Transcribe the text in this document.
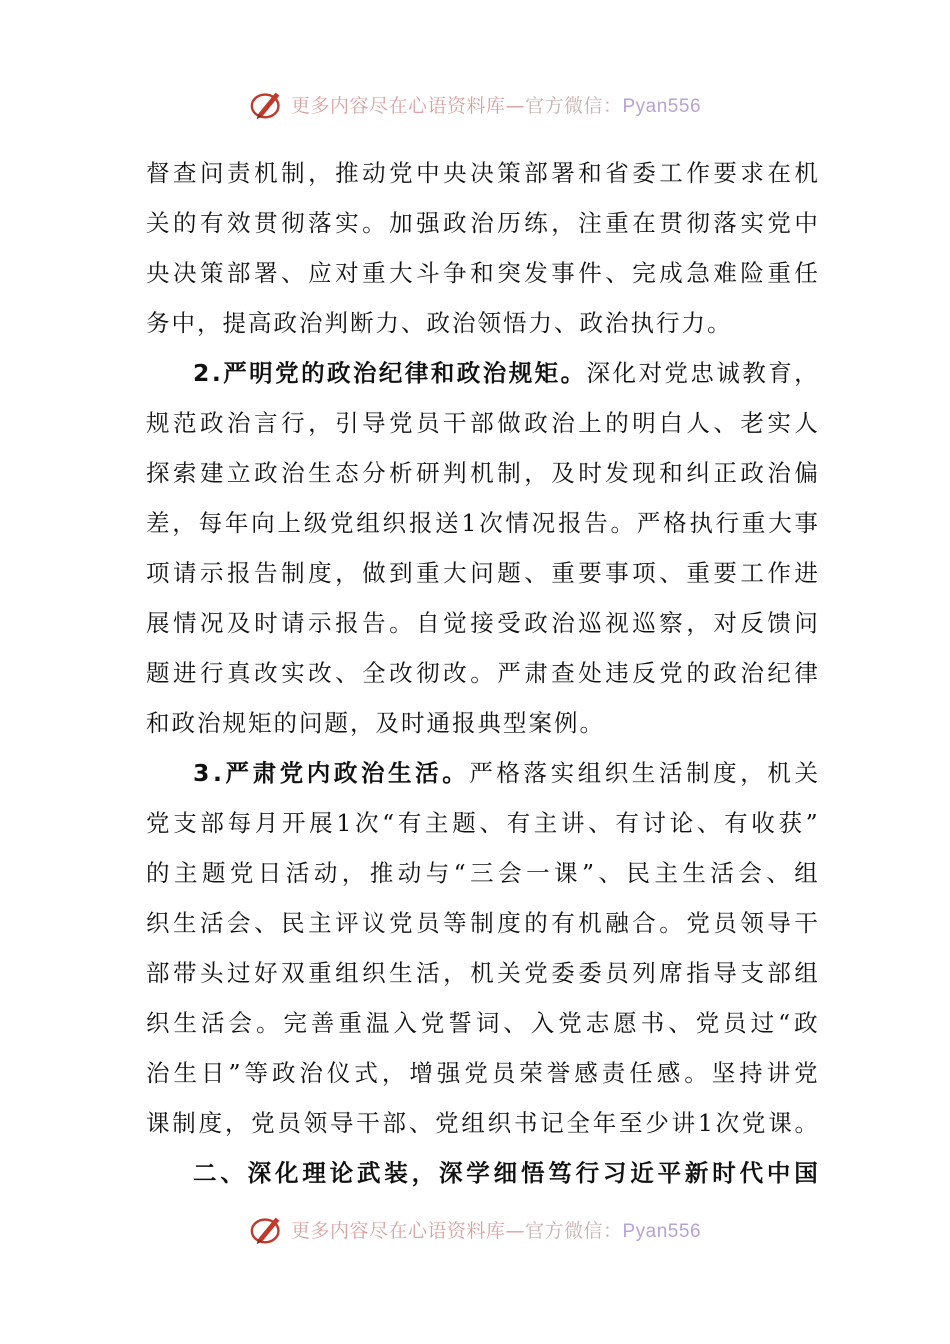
更多内容尽在心语资料库—官方微信：Pyan556
督 查 问 责 机 制 ， 推 动 党 中 央 决 策 部 署 和 省 委 工 作 要 求 在 机
关 的 有 效 贯 彻 落 实 。 加 强 政 治 历 练 ， 注 重 在 贯 彻 落 实 党 中
央 决 策 部 署 、 应 对 重 大 斗 争 和 突 发 事 件 、 完 成 急 难 险 重 任
务 中 ， 提 高 政 治 判 断 力 、 政 治 领 悟 力 、 政 治 执 行 力 。
2 . 严 明 党 的 政 治 纪 律 和 政 治 规 矩 。 深 化 对 党 忠 诚 教 育 ，
规 范 政 治 言 行 ， 引 导 党 员 干 部 做 政 治 上 的 明 白 人 、 老 实 人
探 索 建 立 政 治 生 态 分 析 研 判 机 制 ， 及 时 发 现 和 纠 正 政 治 偏
差 ， 每 年 向 上 级 党 组 织 报 送 1 次 情 况 报 告 。 严 格 执 行 重 大 事
项 请 示 报 告 制 度 ， 做 到 重 大 问 题 、 重 要 事 项 、 重 要 工 作 进
展 情 况 及 时 请 示 报 告 。 自 觉 接 受 政 治 巡 视 巡 察 ， 对 反 馈 问
题 进 行 真 改 实 改 、 全 改 彻 改 。 严 肃 查 处 违 反 党 的 政 治 纪 律
和 政 治 规 矩 的 问 题 ， 及 时 通 报 典 型 案 例 。
3 . 严 肃 党 内 政 治 生 活 。 严 格 落 实 组 织 生 活 制 度 ， 机 关
党 支 部 每 月 开 展 1 次 “ 有 主 题 、 有 主 讲 、 有 讨 论 、 有 收 获 ”
的 主 题 党 日 活 动 ， 推 动 与 “ 三 会 一 课 ” 、 民 主 生 活 会 、 组
织 生 活 会 、 民 主 评 议 党 员 等 制 度 的 有 机 融 合 。 党 员 领 导 干
部 带 头 过 好 双 重 组 织 生 活 ， 机 关 党 委 委 员 列 席 指 导 支 部 组
织 生 活 会 。 完 善 重 温 入 党 誓 词 、 入 党 志 愿 书 、 党 员 过 “ 政
治 生 日 ” 等 政 治 仪 式 ， 增 强 党 员 荣 誉 感 责 任 感 。 坚 持 讲 党
课 制 度 ， 党 员 领 导 干 部 、 党 组 织 书 记 全 年 至 少 讲 1 次 党 课 。
二 、 深 化 理 论 武 装 ， 深 学 细 悟 笃 行 习 近 平 新 时 代 中 国
更多内容尽在心语资料库—官方微信：Pyan556
